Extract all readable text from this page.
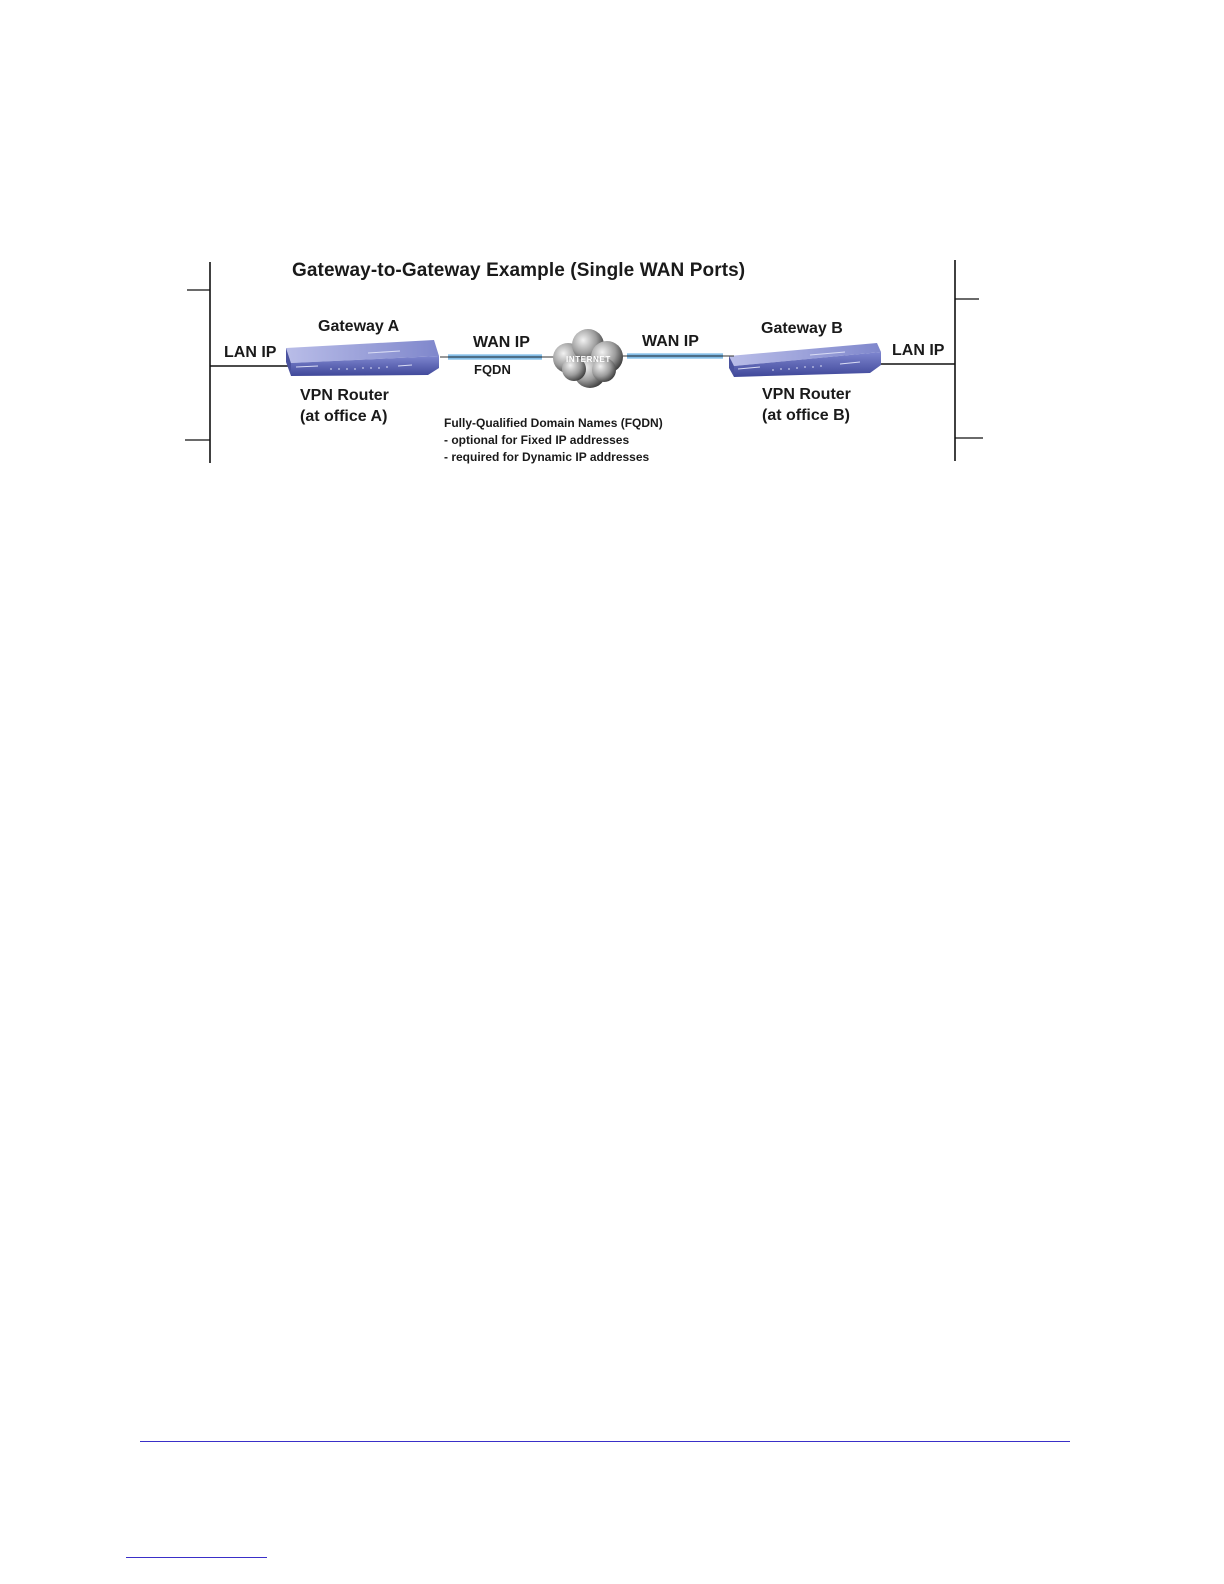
INTERNET
Gateway-to-Gateway Example (Single WAN Ports)
LAN IP
Gateway A
WAN IP
FQDN
VPN Router
(at office A)
Gateway B
WAN IP
LAN IP
VPN Router
(at office B)
Fully-Qualified Domain Names (FQDN)
- optional for Fixed IP addresses
- required for Dynamic IP addresses
